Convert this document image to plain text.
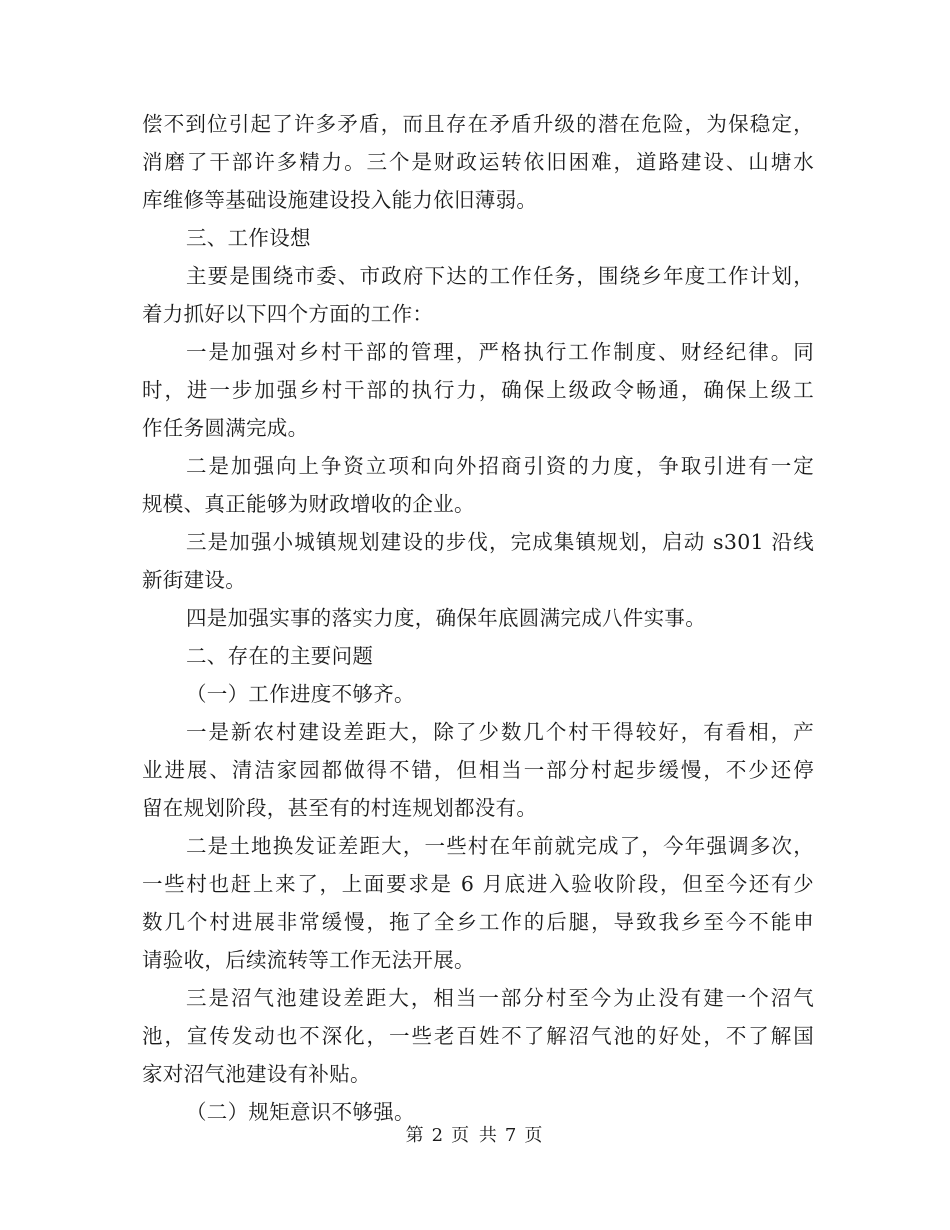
偿不到位引起了许多矛盾，而且存在矛盾升级的潜在危险，为保稳定，
消磨了干部许多精力。三个是财政运转依旧困难，道路建设、山塘水
库维修等基础设施建设投入能力依旧薄弱。
三、工作设想
主要是围绕市委、市政府下达的工作任务，围绕乡年度工作计划，
着力抓好以下四个方面的工作：
一是加强对乡村干部的管理，严格执行工作制度、财经纪律。同
时，进一步加强乡村干部的执行力，确保上级政令畅通，确保上级工
作任务圆满完成。
二是加强向上争资立项和向外招商引资的力度，争取引进有一定
规模、真正能够为财政增收的企业。
三是加强小城镇规划建设的步伐，完成集镇规划，启动 s301 沿线
新街建设。
四是加强实事的落实力度，确保年底圆满完成八件实事。
二、存在的主要问题
（一）工作进度不够齐。
一是新农村建设差距大，除了少数几个村干得较好，有看相，产
业进展、清洁家园都做得不错，但相当一部分村起步缓慢，不少还停
留在规划阶段，甚至有的村连规划都没有。
二是土地换发证差距大，一些村在年前就完成了，今年强调多次，
一些村也赶上来了，上面要求是 6 月底进入验收阶段，但至今还有少
数几个村进展非常缓慢，拖了全乡工作的后腿，导致我乡至今不能申
请验收，后续流转等工作无法开展。
三是沼气池建设差距大，相当一部分村至今为止没有建一个沼气
池，宣传发动也不深化，一些老百姓不了解沼气池的好处，不了解国
家对沼气池建设有补贴。
（二）规矩意识不够强。
第 2 页 共 7 页
